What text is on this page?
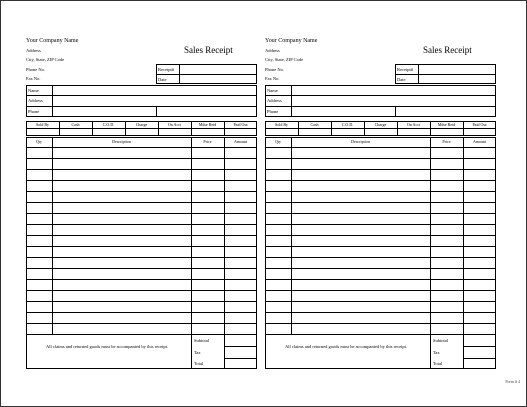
Your Company Name
Address
City, State, ZIP Code
Phone No.
Fax No.
Sales Receipt
Receipt#
Date
Name
Address
Phone
Sold By	Cash	C.O.D.	Charge	On Acct	Mdse Retd	Paid Out
Qty	Description	Price	Amount
All claims and returned goods must be accompanied by this receipt.
Subtotal
Tax
Total
Your Company Name
Address
City, State, ZIP Code
Phone No.
Fax No.
Sales Receipt
Receipt#
Date
Name
Address
Phone
Sold By	Cash	C.O.D.	Charge	On Acct	Mdse Retd	Paid Out
Qty	Description	Price	Amount
All claims and returned goods must be accompanied by this receipt.
Subtotal
Tax
Total
Form # 4
